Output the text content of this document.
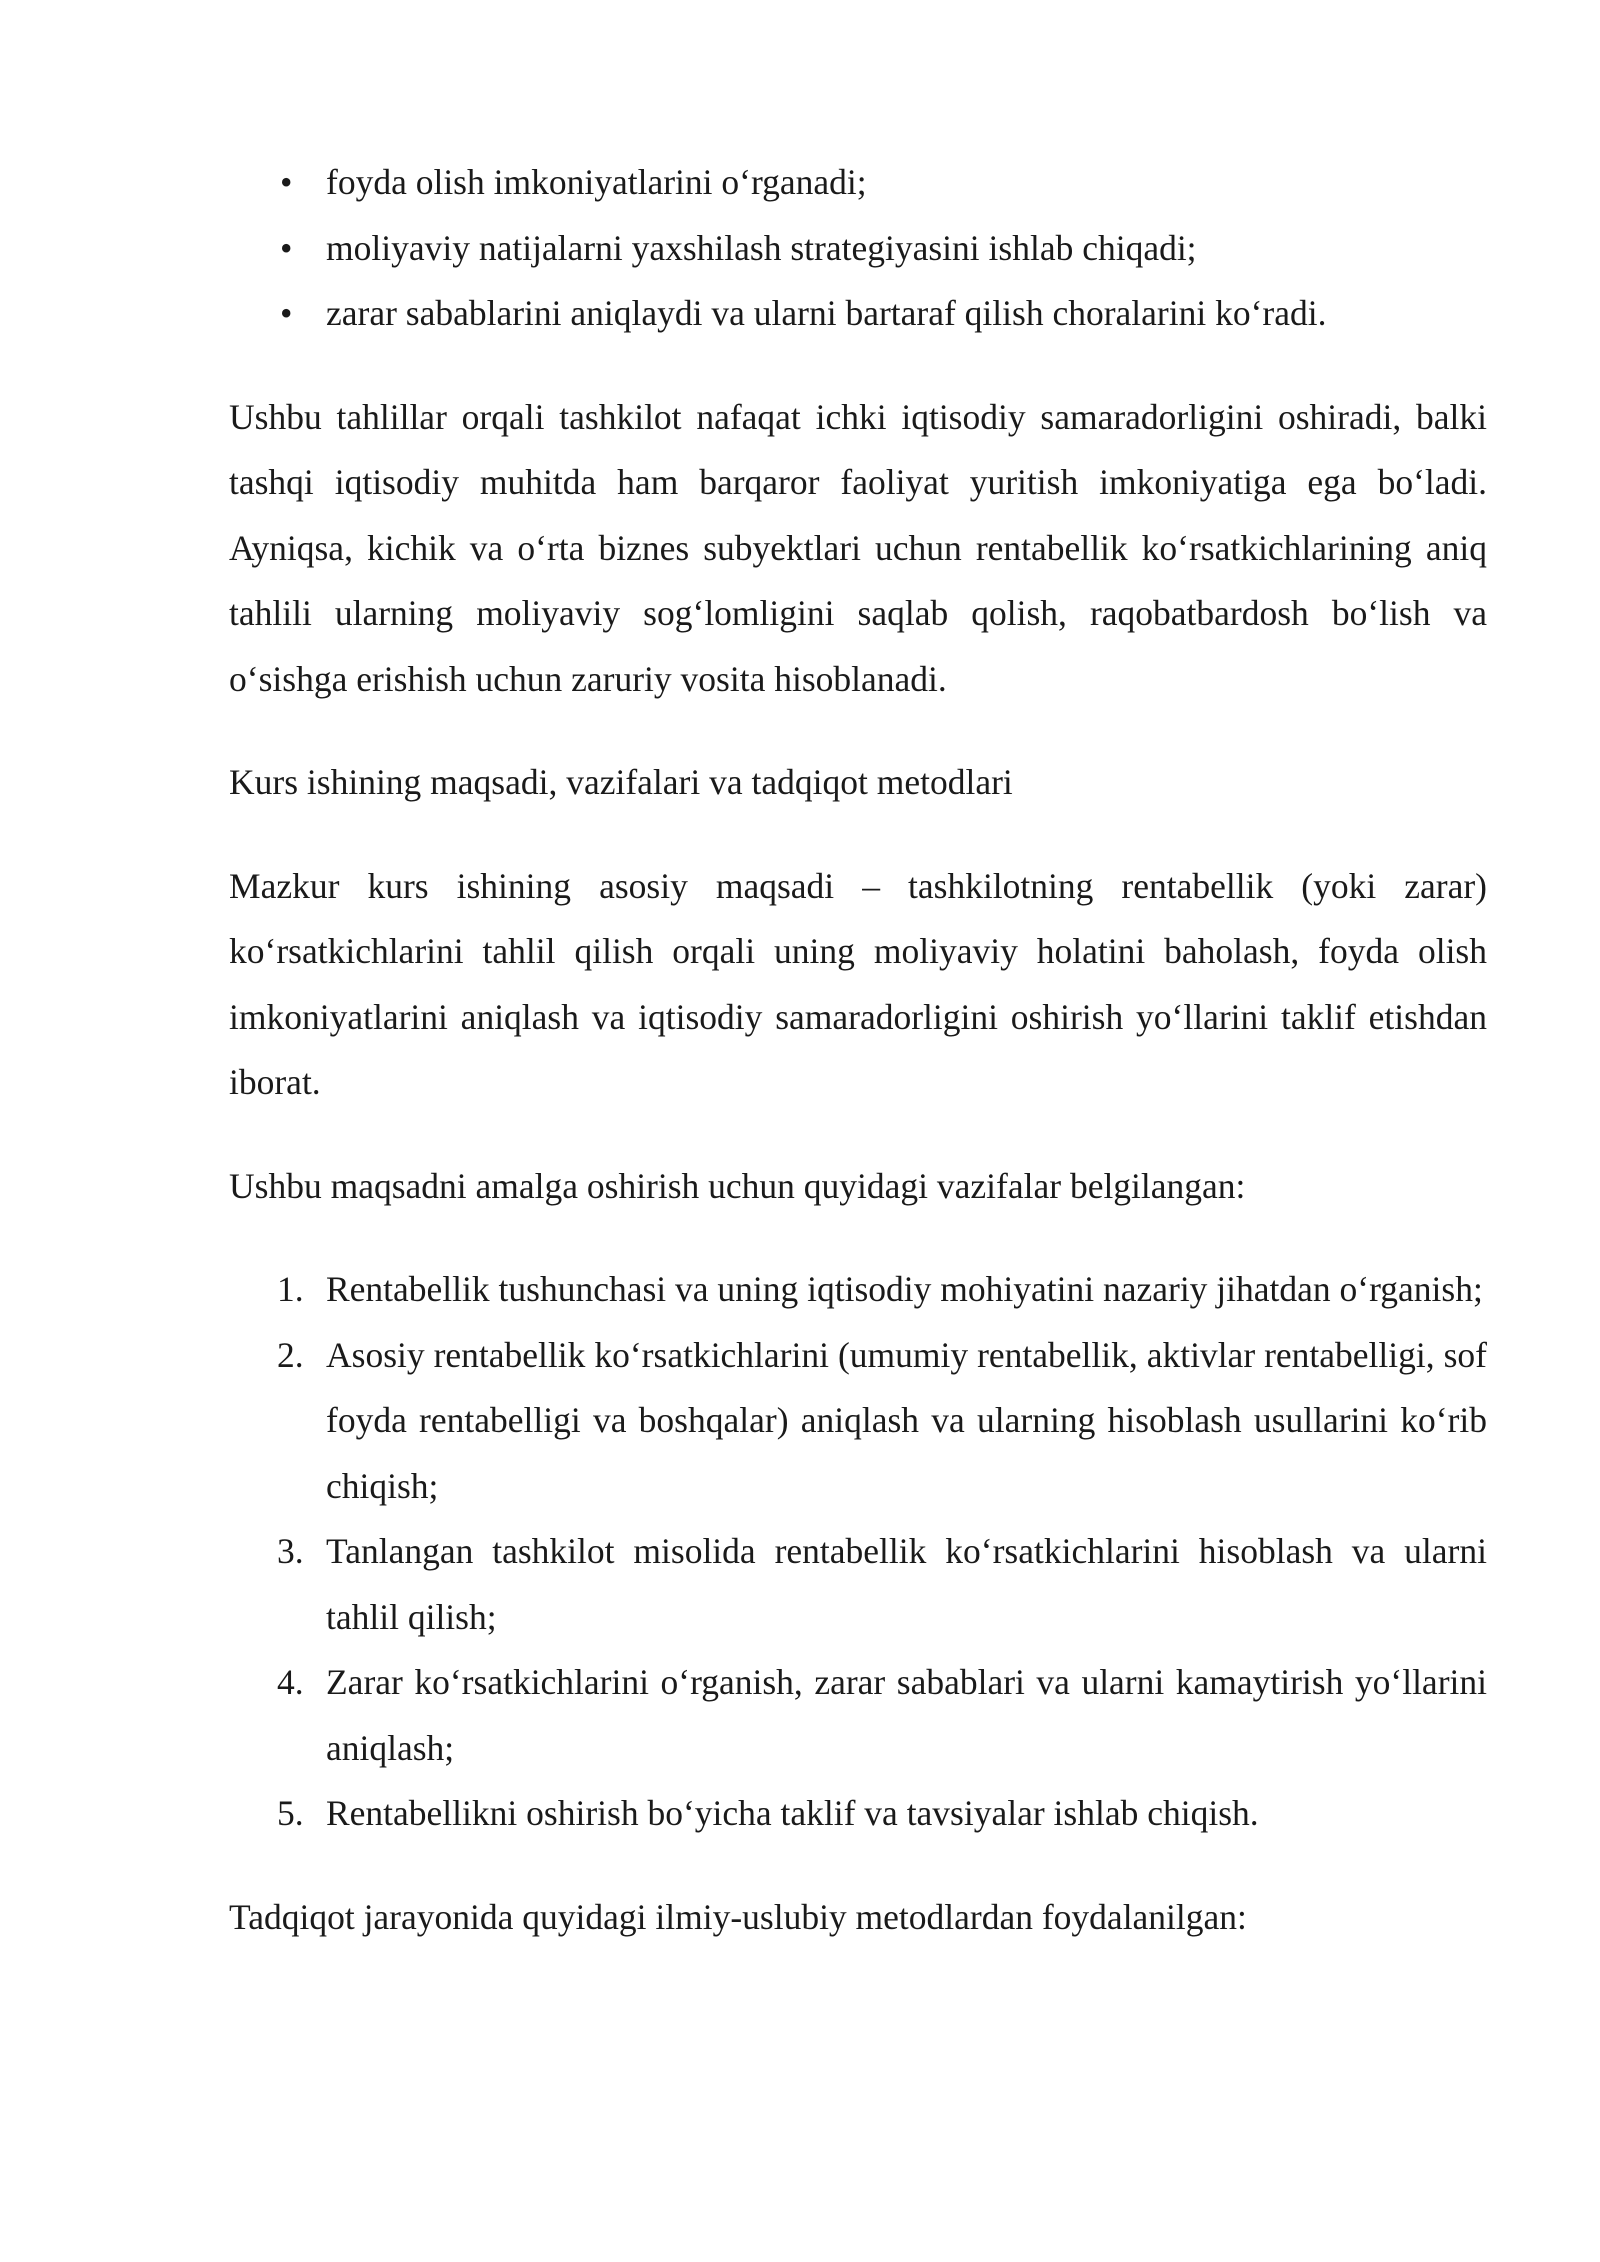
• foyda olish imkoniyatlarini o‘rganadi;
• moliyaviy natijalarni yaxshilash strategiyasini ishlab chiqadi;
• zarar sabablarini aniqlaydi va ularni bartaraf qilish choralarini ko‘radi.

Ushbu tahlillar orqali tashkilot nafaqat ichki iqtisodiy samaradorligini oshiradi, balki tashqi iqtisodiy muhitda ham barqaror faoliyat yuritish imkoniyatiga ega bo‘ladi. Ayniqsa, kichik va o‘rta biznes subyektlari uchun rentabellik ko‘rsatkichlarining aniq tahlili ularning moliyaviy sog‘lomligini saqlab qolish, raqobatbardosh bo‘lish va o‘sishga erishish uchun zaruriy vosita hisoblanadi.

Kurs ishining maqsadi, vazifalari va tadqiqot metodlari

Mazkur kurs ishining asosiy maqsadi – tashkilotning rentabellik (yoki zarar) ko‘rsatkichlarini tahlil qilish orqali uning moliyaviy holatini baholash, foyda olish imkoniyatlarini aniqlash va iqtisodiy samaradorligini oshirish yo‘llarini taklif etishdan iborat.

Ushbu maqsadni amalga oshirish uchun quyidagi vazifalar belgilangan:

1. Rentabellik tushunchasi va uning iqtisodiy mohiyatini nazariy jihatdan o‘rganish;
2. Asosiy rentabellik ko‘rsatkichlarini (umumiy rentabellik, aktivlar rentabelligi, sof foyda rentabelligi va boshqalar) aniqlash va ularning hisoblash usullarini ko‘rib chiqish;
3. Tanlangan tashkilot misolida rentabellik ko‘rsatkichlarini hisoblash va ularni tahlil qilish;
4. Zarar ko‘rsatkichlarini o‘rganish, zarar sabablari va ularni kamaytirish yo‘llarini aniqlash;
5. Rentabellikni oshirish bo‘yicha taklif va tavsiyalar ishlab chiqish.

Tadqiqot jarayonida quyidagi ilmiy-uslubiy metodlardan foydalanilgan:
